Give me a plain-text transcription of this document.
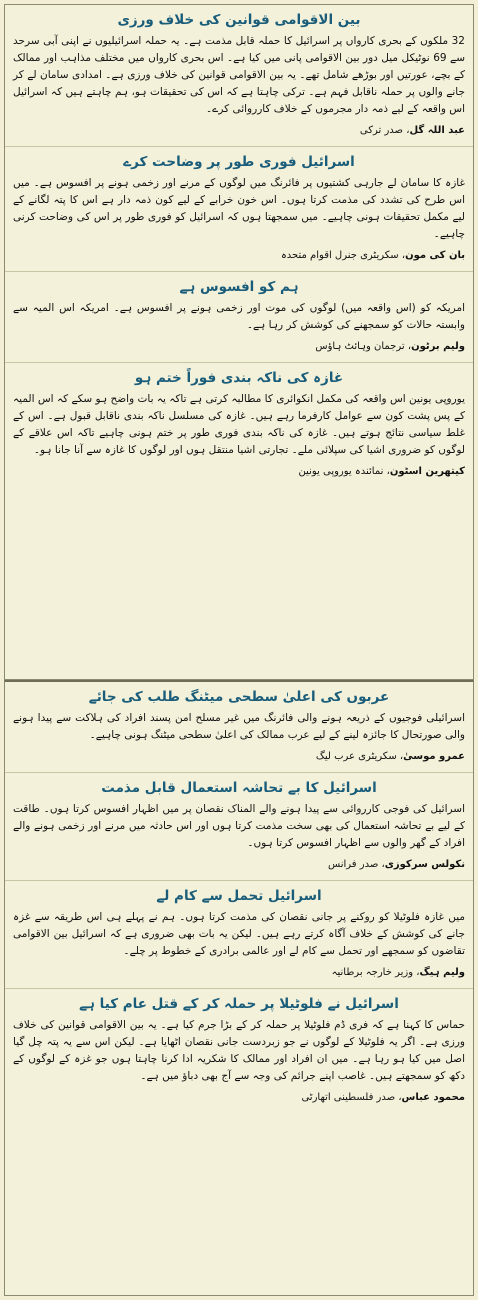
بین الاقوامی قوانین کی خلاف ورزی
32 ملکوں کے بحری کارواں پر اسرائیل کا حملہ قابل مذمت ہے۔ یہ حملہ اسرائیلیوں نے اپنی آبی سرحد سے 69 نوٹیکل میل دور بین الاقوامی پانی میں کیا ہے۔ اس بحری کارواں میں مختلف مذاہب اور ممالک کے بچے، عورتیں اور بوڑھے شامل تھے۔ یہ بین الاقوامی قوانین کی خلاف ورزی ہے۔ امدادی سامان لے کر جانے والوں پر حملہ ناقابل فہم ہے۔ ترکی چاہتا ہے کہ اس کی تحقیقات ہو، ہم چاہتے ہیں کہ اسرائیل اس واقعہ کے لیے ذمہ دار مجرموں کے خلاف کارروائی کرے۔
عبد اللہ گل، صدر ترکی
اسرائیل فوری طور پر وضاحت کرے
غازہ کا سامان لے جارہی کشتیوں پر فائرنگ میں لوگوں کے مرنے اور زخمی ہونے پر افسوس ہے۔ میں اس طرح کی تشدد کی مذمت کرتا ہوں۔ اس خون خرابے کے لیے کون ذمہ دار ہے اس کا پتہ لگانے کے لیے مکمل تحقیقات ہونی چاہیے۔ میں سمجھتا ہوں کہ اسرائیل کو فوری طور پر اس کی وضاحت کرنی چاہیے۔
بان کی مون، سکریٹری جنرل اقوام متحدہ
ہم کو افسوس ہے
امریکہ کو (اس واقعہ میں) لوگوں کی موت اور زخمی ہونے پر افسوس ہے۔ امریکہ اس المیہ سے وابستہ حالات کو سمجھنے کی کوشش کر رہا ہے۔
ولیم برٹون، ترجمان وہائٹ ہاؤس
غازہ کی ناکہ بندی فوراً ختم ہو
یوروپی یونین اس واقعہ کی مکمل انکوائری کا مطالبہ کرتی ہے تاکہ یہ بات واضح ہو سکے کہ اس المیہ کے پس پشت کون سے عوامل کارفرما رہے ہیں۔ غازہ کی مسلسل ناکہ بندی ناقابل قبول ہے۔ اس کے غلط سیاسی نتائج ہوتے ہیں۔ غازہ کی ناکہ بندی فوری طور پر ختم ہونی چاہیے تاکہ اس علاقے کے لوگوں کو ضروری اشیا کی سپلائی ملے۔ تجارتی اشیا منتقل ہوں اور لوگوں کا غازہ سے آنا جانا ہو۔
کیتھرین اسٹون، نمائندہ یوروپی یونین
عربوں کی اعلیٰ سطحی میٹنگ طلب کی جائے
اسرائیلی فوجیوں کے ذریعہ ہونے والی فائرنگ میں غیر مسلح امن پسند افراد کی ہلاکت سے پیدا ہونے والی صورتحال کا جائزہ لینے کے لیے عرب ممالک کی اعلیٰ سطحی میٹنگ ہونی چاہیے۔
عمرو موسیٰ، سکریٹری عرب لیگ
اسرائیل کا بے تحاشہ استعمال قابل مذمت
اسرائیل کی فوجی کارروائی سے پیدا ہونے والے المناک نقصان پر میں اظہار افسوس کرتا ہوں۔ طاقت کے لیے بے تحاشہ استعمال کی بھی سخت مذمت کرتا ہوں اور اس حادثہ میں مرنے اور زخمی ہونے والے افراد کے گھر والوں سے اظہار افسوس کرتا ہوں۔
نکولس سرکوزی، صدر فرانس
اسرائیل تحمل سے کام لے
میں غازہ فلوٹیلا کو روکنے پر جانی نقصان کی مذمت کرتا ہوں۔ ہم نے پہلے ہی اس طریقہ سے غزہ جانے کی کوشش کے خلاف آگاہ کرتے رہے ہیں۔ لیکن یہ بات بھی ضروری ہے کہ اسرائیل بین الاقوامی تقاضوں کو سمجھے اور تحمل سے کام لے اور عالمی برادری کے خطوط پر چلے۔
ولیم ہیگ، وزیر خارجہ برطانیہ
اسرائیل نے فلوٹیلا پر حملہ کر کے قتل عام کیا ہے
حماس کا کہنا ہے کہ فری ڈم فلوٹیلا پر حملہ کر کے بڑا جرم کیا ہے۔ یہ بین الاقوامی قوانین کی خلاف ورزی ہے۔ اگر یہ فلوٹیلا کے لوگوں نے جو زبردست جانی نقصان اٹھایا ہے۔ لیکن اس سے یہ پتہ چل گیا اصل میں کیا ہو رہا ہے۔ میں ان افراد اور ممالک کا شکریہ ادا کرنا چاہتا ہوں جو غزہ کے لوگوں کے دکھ کو سمجھتے ہیں۔ غاصب اپنے جرائم کی وجہ سے آج بھی دباؤ میں ہے۔
محمود عباس، صدر فلسطینی اتھارٹی
